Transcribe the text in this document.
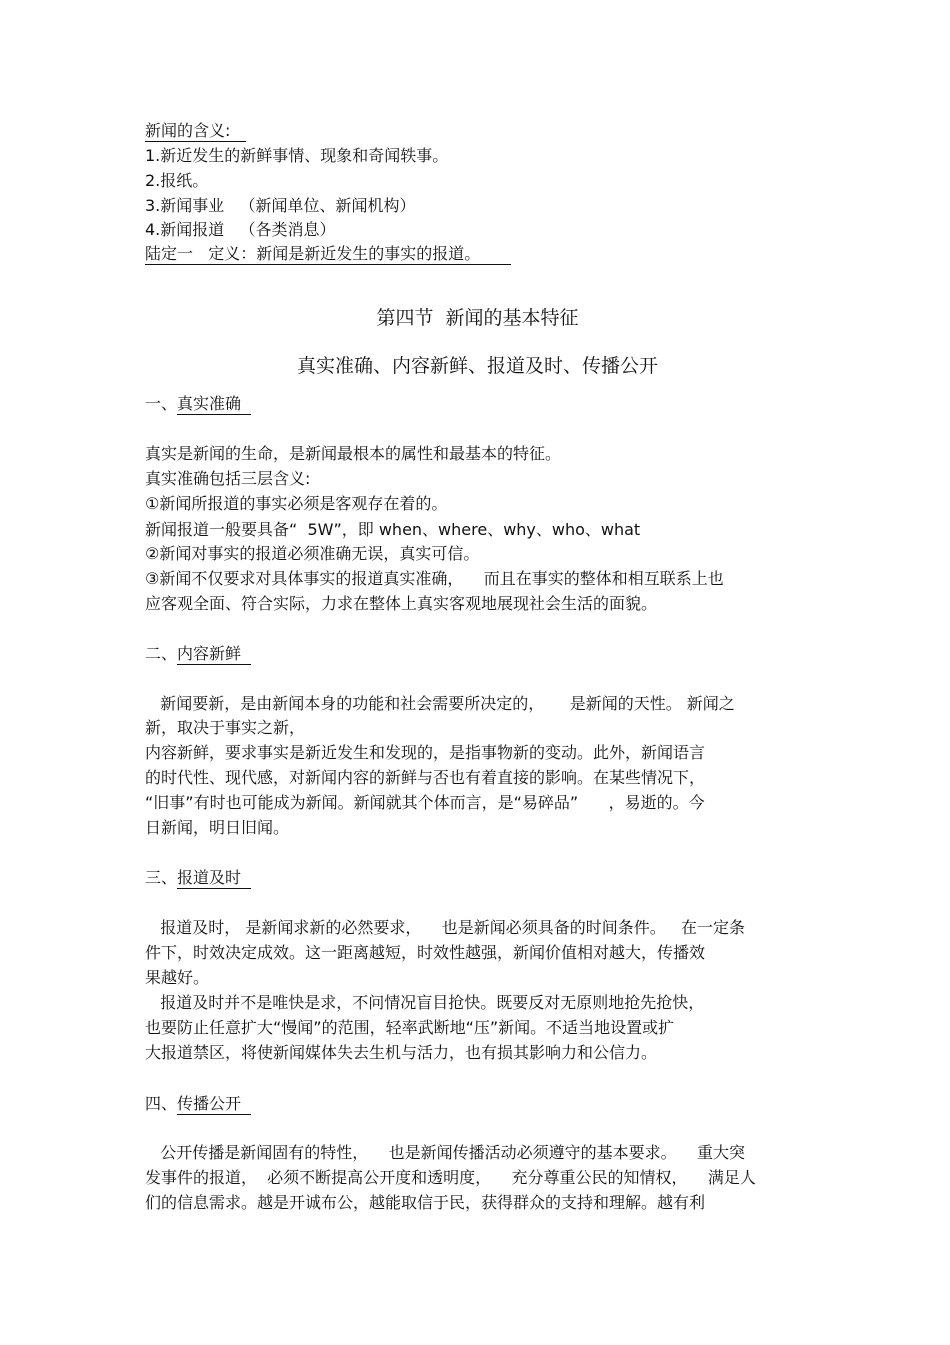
新闻的含义:
1.新近发生的新鲜事情、现象和奇闻轶事。
2.报纸。
3.新闻事业   （新闻单位、新闻机构）
4.新闻报道   （各类消息）
陆定一   定义：新闻是新近发生的事实的报道。
第四节  新闻的基本特征
真实准确、内容新鲜、报道及时、传播公开
一、真实准确
真实是新闻的生命，是新闻最根本的属性和最基本的特征。
真实准确包括三层含义:
①新闻所报道的事实必须是客观存在着的。
新闻报道一般要具备“  5W”，即 when、where、why、who、what
②新闻对事实的报道必须准确无误，真实可信。
③新闻不仅要求对具体事实的报道真实准确，    而且在事实的整体和相互联系上也
应客观全面、符合实际，力求在整体上真实客观地展现社会生活的面貌。
二、内容新鲜
新闻要新，是由新闻本身的功能和社会需要所决定的，     是新闻的天性。 新闻之
新，取决于事实之新，
内容新鲜，要求事实是新近发生和发现的，是指事物新的变动。此外，新闻语言
的时代性、现代感，对新闻内容的新鲜与否也有着直接的影响。在某些情况下，
“旧事”有时也可能成为新闻。新闻就其个体而言，是“易碎品”      ，易逝的。今
日新闻，明日旧闻。
三、报道及时
报道及时， 是新闻求新的必然要求，    也是新闻必须具备的时间条件。   在一定条
件下，时效决定成效。这一距离越短，时效性越强，新闻价值相对越大，传播效
果越好。
报道及时并不是唯快是求，不问情况盲目抢快。既要反对无原则地抢先抢快，
也要防止任意扩大“慢闻”的范围，轻率武断地“压”新闻。不适当地设置或扩
大报道禁区，将使新闻媒体失去生机与活力，也有损其影响力和公信力。
四、传播公开
公开传播是新闻固有的特性，    也是新闻传播活动必须遵守的基本要求。    重大突
发事件的报道，  必须不断提高公开度和透明度，    充分尊重公民的知情权，    满足人
们的信息需求。越是开诚布公，越能取信于民，获得群众的支持和理解。越有利
